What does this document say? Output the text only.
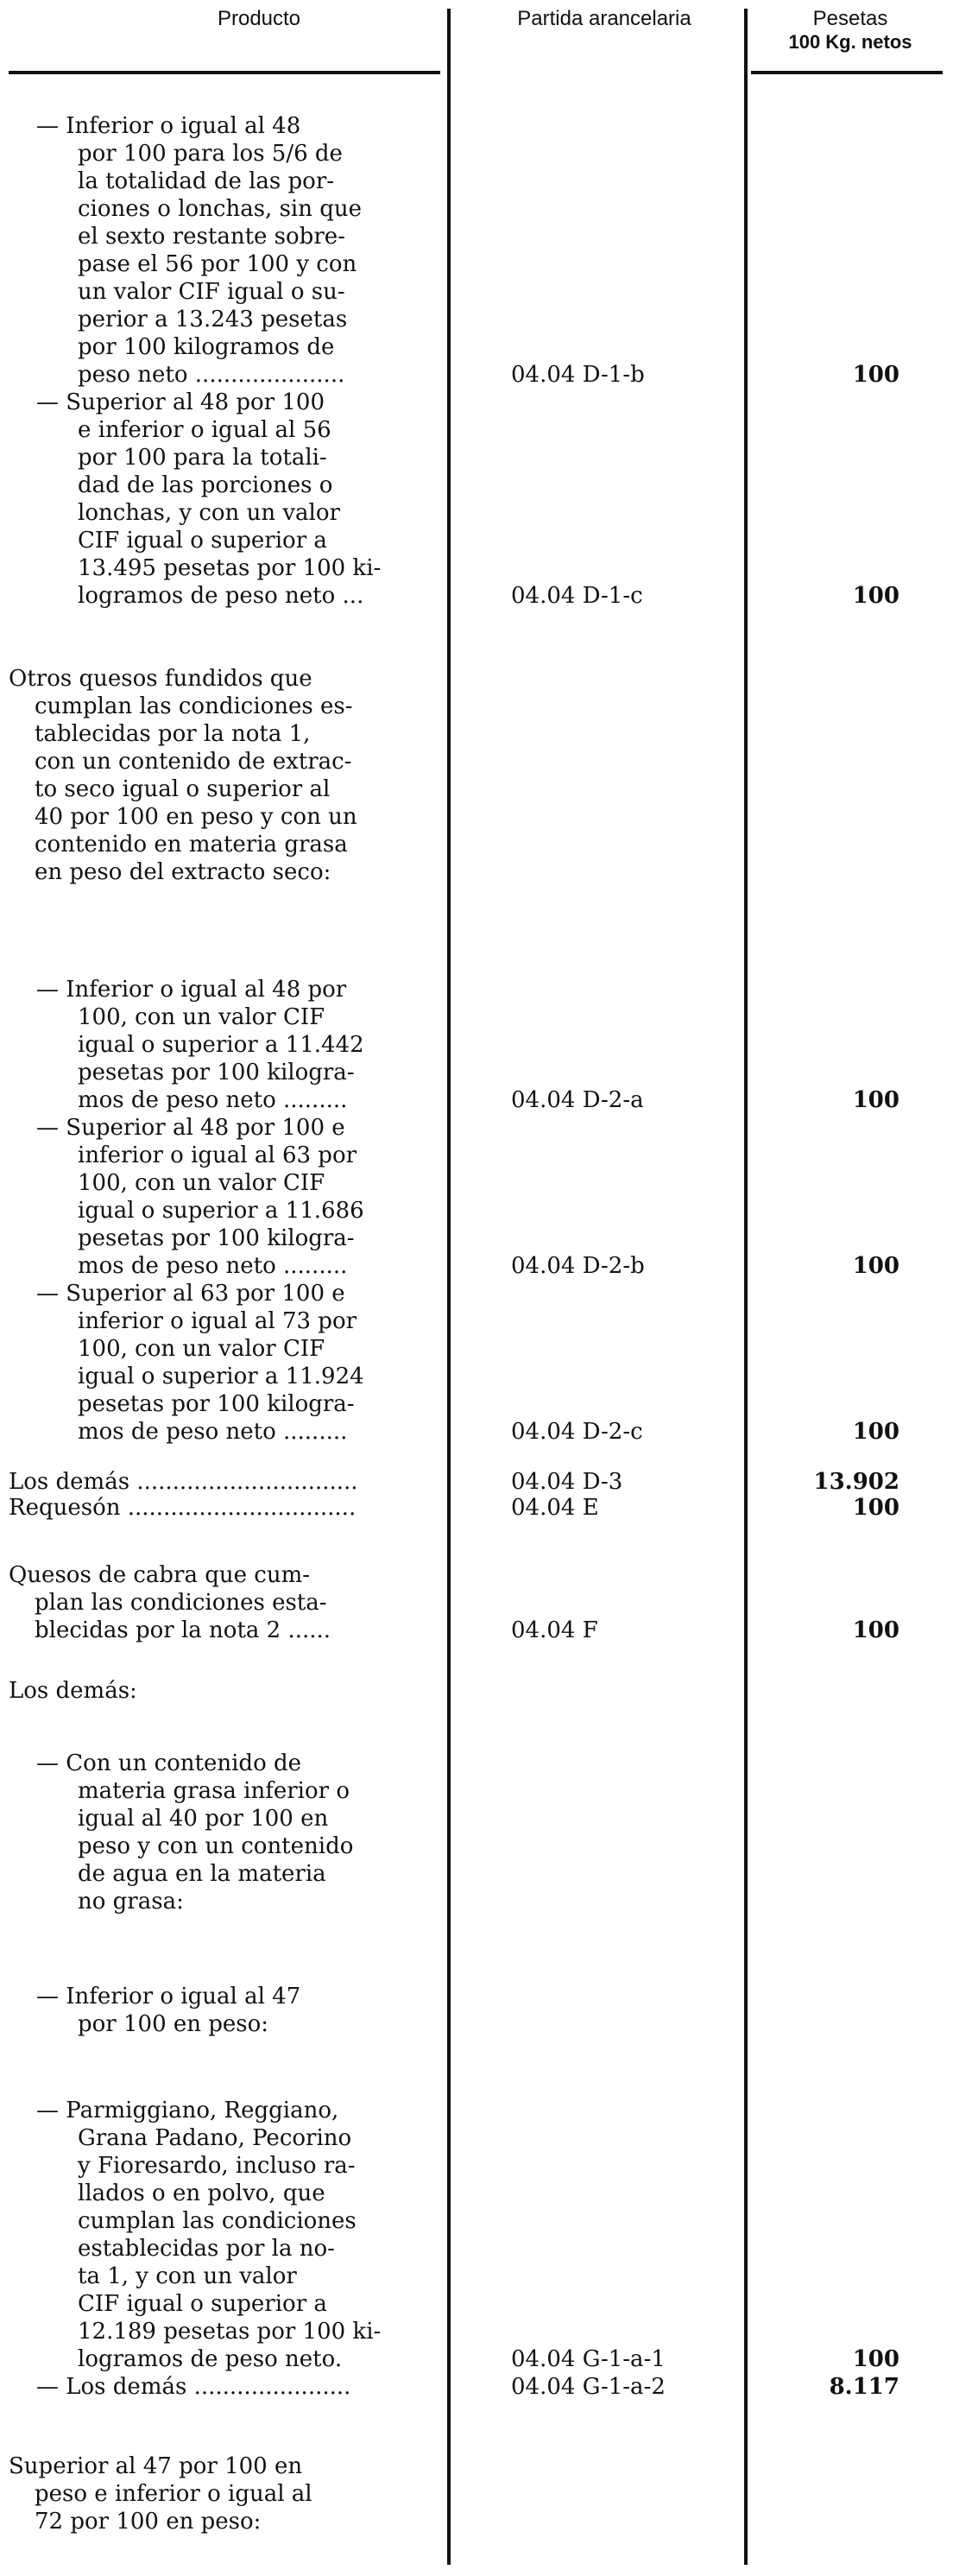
Producto	Partida arancelaria	Pesetas
100 Kg. netos
— Inferior o igual al 48
por 100 para los 5/6 de
la totalidad de las por-
ciones o lonchas, sin que
el sexto restante sobre-
pase el 56 por 100 y con
un valor CIF igual o su-
perior a 13.243 pesetas
por 100 kilogramos de
peso neto .....................	04.04 D-1-b	100
— Superior al 48 por 100
e inferior o igual al 56
por 100 para la totali-
dad de las porciones o
lonchas, y con un valor
CIF igual o superior a
13.495 pesetas por 100 ki-
logramos de peso neto ...	04.04 D-1-c	100
Otros quesos fundidos que
cumplan las condiciones es-
tablecidas por la nota 1,
con un contenido de extrac-
to seco igual o superior al
40 por 100 en peso y con un
contenido en materia grasa
en peso del extracto seco:
— Inferior o igual al 48 por
100, con un valor CIF
igual o superior a 11.442
pesetas por 100 kilogra-
mos de peso neto .........	04.04 D-2-a	100
— Superior al 48 por 100 e
inferior o igual al 63 por
100, con un valor CIF
igual o superior a 11.686
pesetas por 100 kilogra-
mos de peso neto .........	04.04 D-2-b	100
— Superior al 63 por 100 e
inferior o igual al 73 por
100, con un valor CIF
igual o superior a 11.924
pesetas por 100 kilogra-
mos de peso neto .........	04.04 D-2-c	100
Los demás ...............................	04.04 D-3	13.902
Requesón ................................	04.04 E	100
Quesos de cabra que cum-
plan las condiciones esta-
blecidas por la nota 2 ......	04.04 F	100
Los demás:
— Con un contenido de
materia grasa inferior o
igual al 40 por 100 en
peso y con un contenido
de agua en la materia
no grasa:
— Inferior o igual al 47
por 100 en peso:
— Parmiggiano, Reggiano,
Grana Padano, Pecorino
y Fioresardo, incluso ra-
llados o en polvo, que
cumplan las condiciones
establecidas por la no-
ta 1, y con un valor
CIF igual o superior a
12.189 pesetas por 100 ki-
logramos de peso neto.	04.04 G-1-a-1	100
— Los demás ......................	04.04 G-1-a-2	8.117
Superior al 47 por 100 en
peso e inferior o igual al
72 por 100 en peso:
